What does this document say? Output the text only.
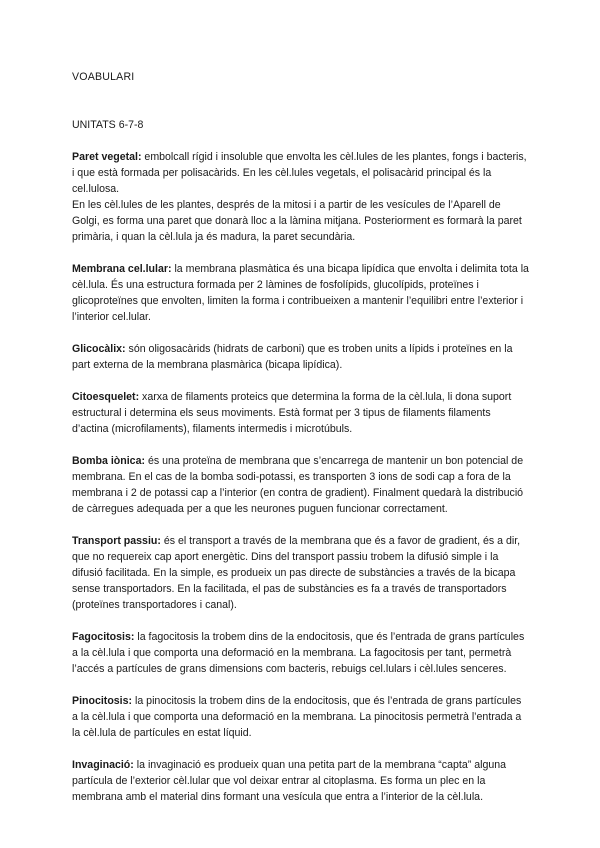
VOABULARI
UNITATS 6-7-8

Paret vegetal: embolcall rígid i insoluble que envolta les cèl.lules de les plantes, fongs i bacteris, i que està formada per polisacàrids. En les cèl.lules vegetals, el polisacàrid principal és la cel.lulosa.

En les cèl.lules de les plantes, després de la mitosi i a partir de les vesícules de l’Aparell de Golgi, es forma una paret que donarà lloc a la làmina mitjana. Posteriorment es formarà la paret primària, i quan la cèl.lula ja és madura, la paret secundària.

Membrana cel.lular: la membrana plasmàtica és una bicapa lipídica que envolta i delimita tota la cèl.lula. És una estructura formada per 2 làmines de fosfolípids, glucolípids, proteïnes i glicoproteïnes que envolten, limiten la forma i contribueixen a mantenir l’equilibri entre l’exterior i l’interior cel.lular.

Glicocàlix: són oligosacàrids (hidrats de carboni) que es troben units a lípids i proteïnes en la part externa de la membrana plasmàrica (bicapa lipídica).

Citoesquelet: xarxa de filaments proteics que determina la forma de la cèl.lula, li dona suport estructural i determina els seus moviments. Està format per 3 tipus de filaments filaments d’actina (microfilaments), filaments intermedis i microtúbuls.

Bomba iònica: és una proteïna de membrana que s’encarrega de mantenir un bon potencial de membrana. En el cas de la bomba sodi-potassi, es transporten 3 ions de sodi cap a fora de la membrana i 2 de potassi cap a l’interior (en contra de gradient). Finalment quedarà la distribució de càrregues adequada per a que les neurones puguen funcionar correctament.

Transport passiu: és el transport a través de la membrana que és a favor de gradient, és a dir, que no requereix cap aport energètic. Dins del transport passiu trobem la difusió simple i la difusió facilitada. En la simple, es produeix un pas directe de substàncies a través de la bicapa sense transportadors. En la facilitada, el pas de substàncies es fa a través de transportadors (proteïnes transportadores i canal).

Fagocitosis: la fagocitosis la trobem dins de la endocitosis, que és l’entrada de grans partícules a la cèl.lula i que comporta una deformació en la membrana. La fagocitosis per tant, permetrà l’accés a partícules de grans dimensions com bacteris, rebuigs cel.lulars i cèl.lules senceres.

Pinocitosis: la pinocitosis la trobem dins de la endocitosis, que és l’entrada de grans partícules a la cèl.lula i que comporta una deformació en la membrana. La pinocitosis permetrà l’entrada a la cèl.lula de partícules en estat líquid.

Invaginació: la invaginació es produeix quan una petita part de la membrana “capta” alguna partícula de l’exterior cèl.lular que vol deixar entrar al citoplasma. Es forma un plec en la membrana amb el material dins formant una vesícula que entra a l’interior de la cèl.lula.
